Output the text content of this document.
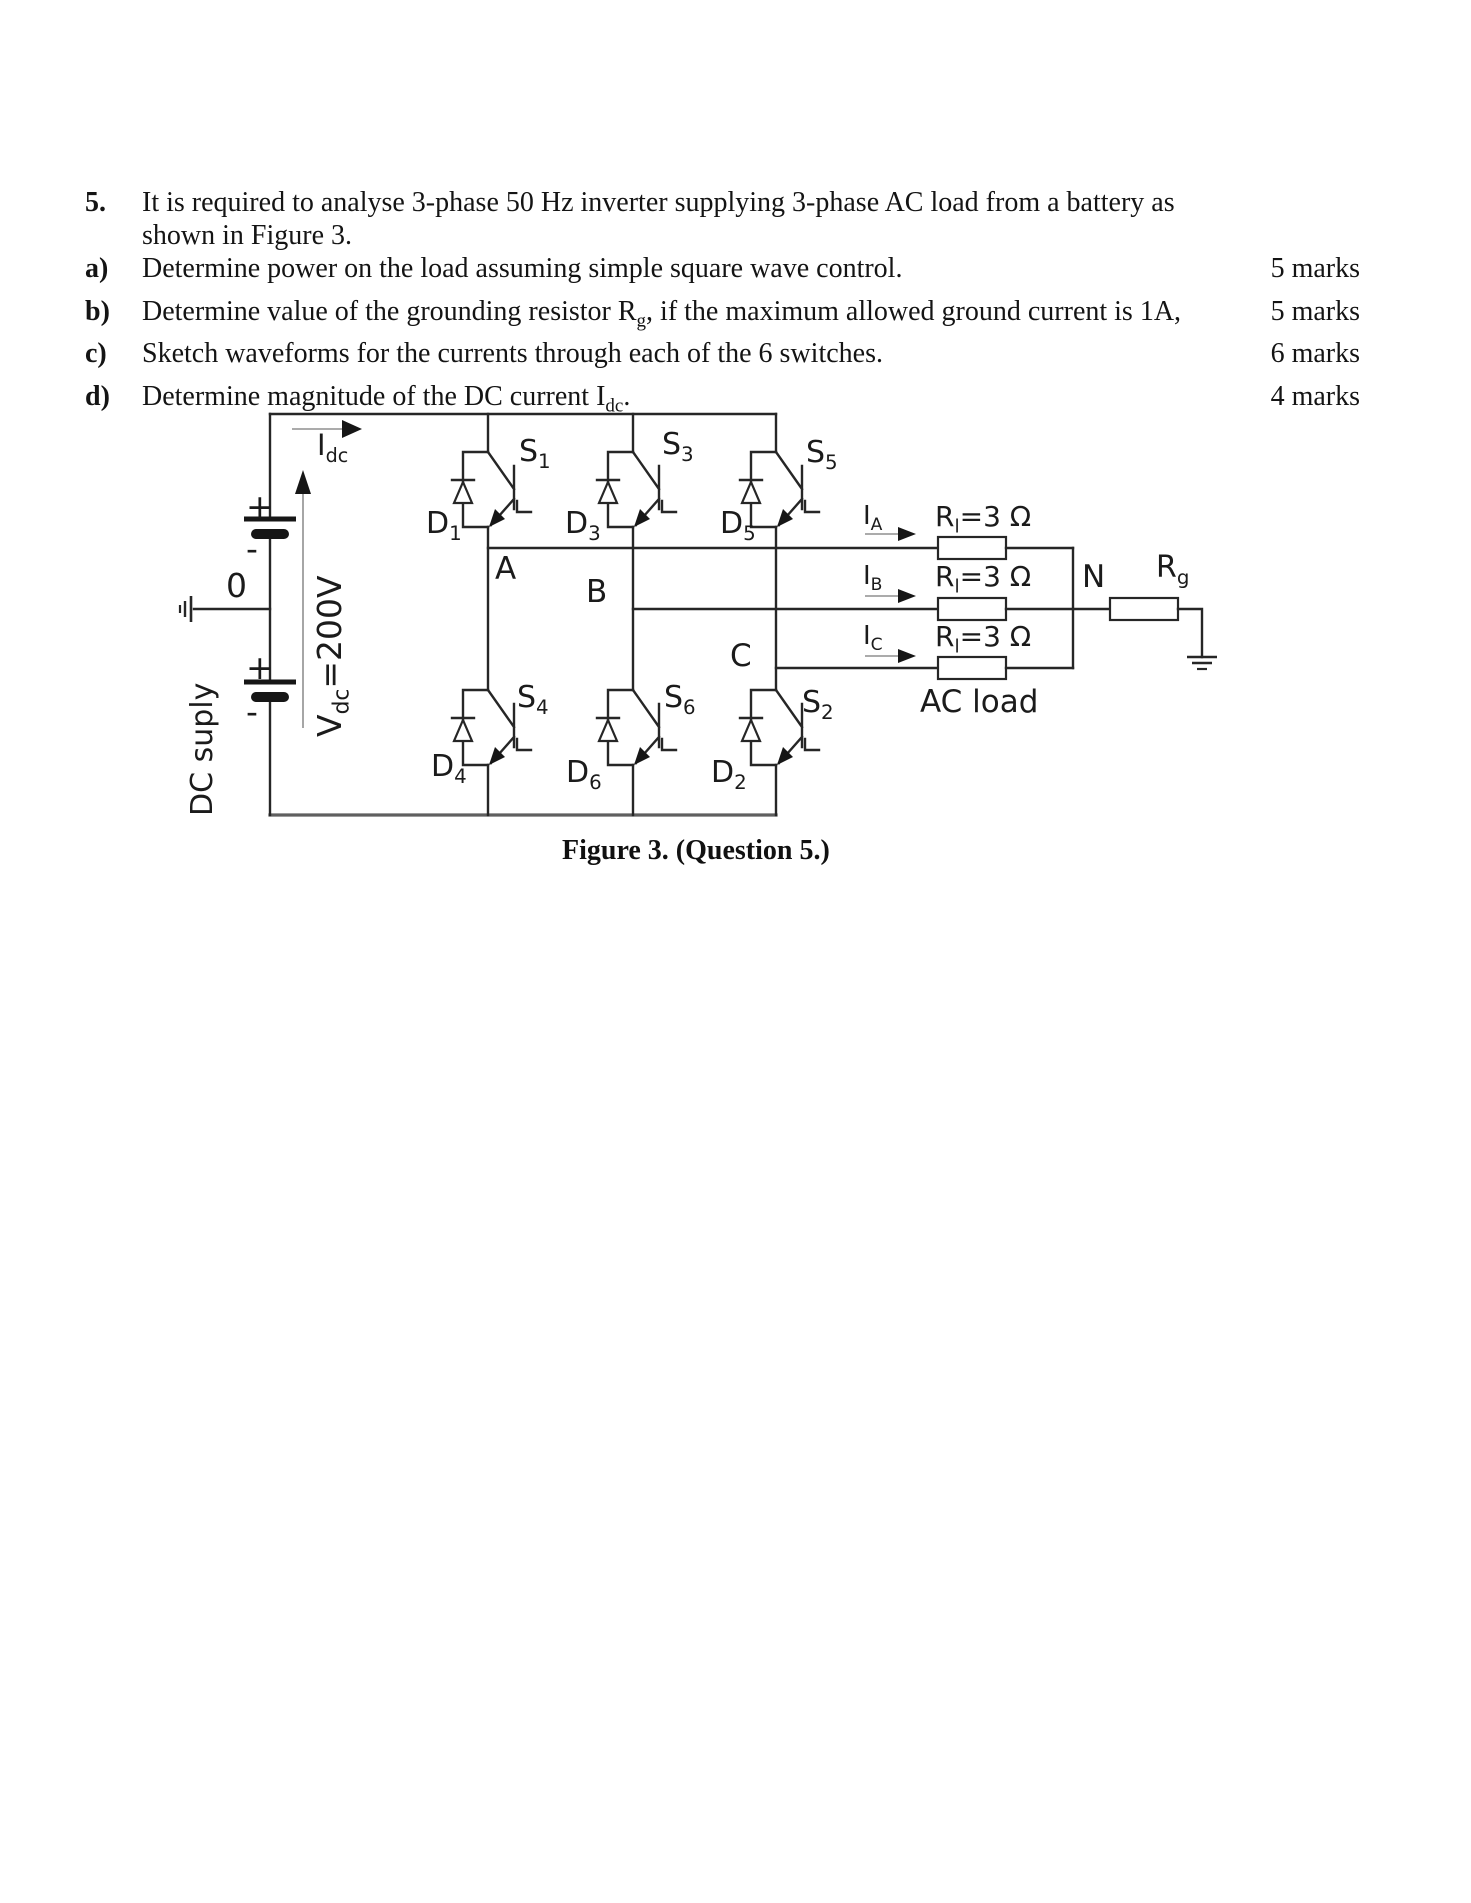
5.	It is required to analyse 3-phase 50 Hz inverter supplying 3-phase AC load from a battery as
shown in Figure 3.
a)	Determine power on the load assuming simple square wave control.	5 marks
b)	Determine value of the grounding resistor $R_g$, if the maximum allowed ground current is 1A,	5 marks
c)	Sketch waveforms for the currents through each of the 6 switches.	6 marks
d)	Determine magnitude of the DC current $I_{dc}$.	4 marks
$I_{dc}$
$V_{dc}=200V$
DC suply
+
-
0
+
-
$S_1$	$S_3$	$S_5$
$S_4$	$S_6$	$S_2$
$D_1$	$D_3$	$D_5$
$D_4$	$D_6$	$D_2$
A
B
C
N
$I_A$
$I_B$
$I_C$
$R_l=3$ Ω
$R_l=3$ Ω
$R_l=3$ Ω
$R_g$
AC load
Figure 3. (Question 5.)
